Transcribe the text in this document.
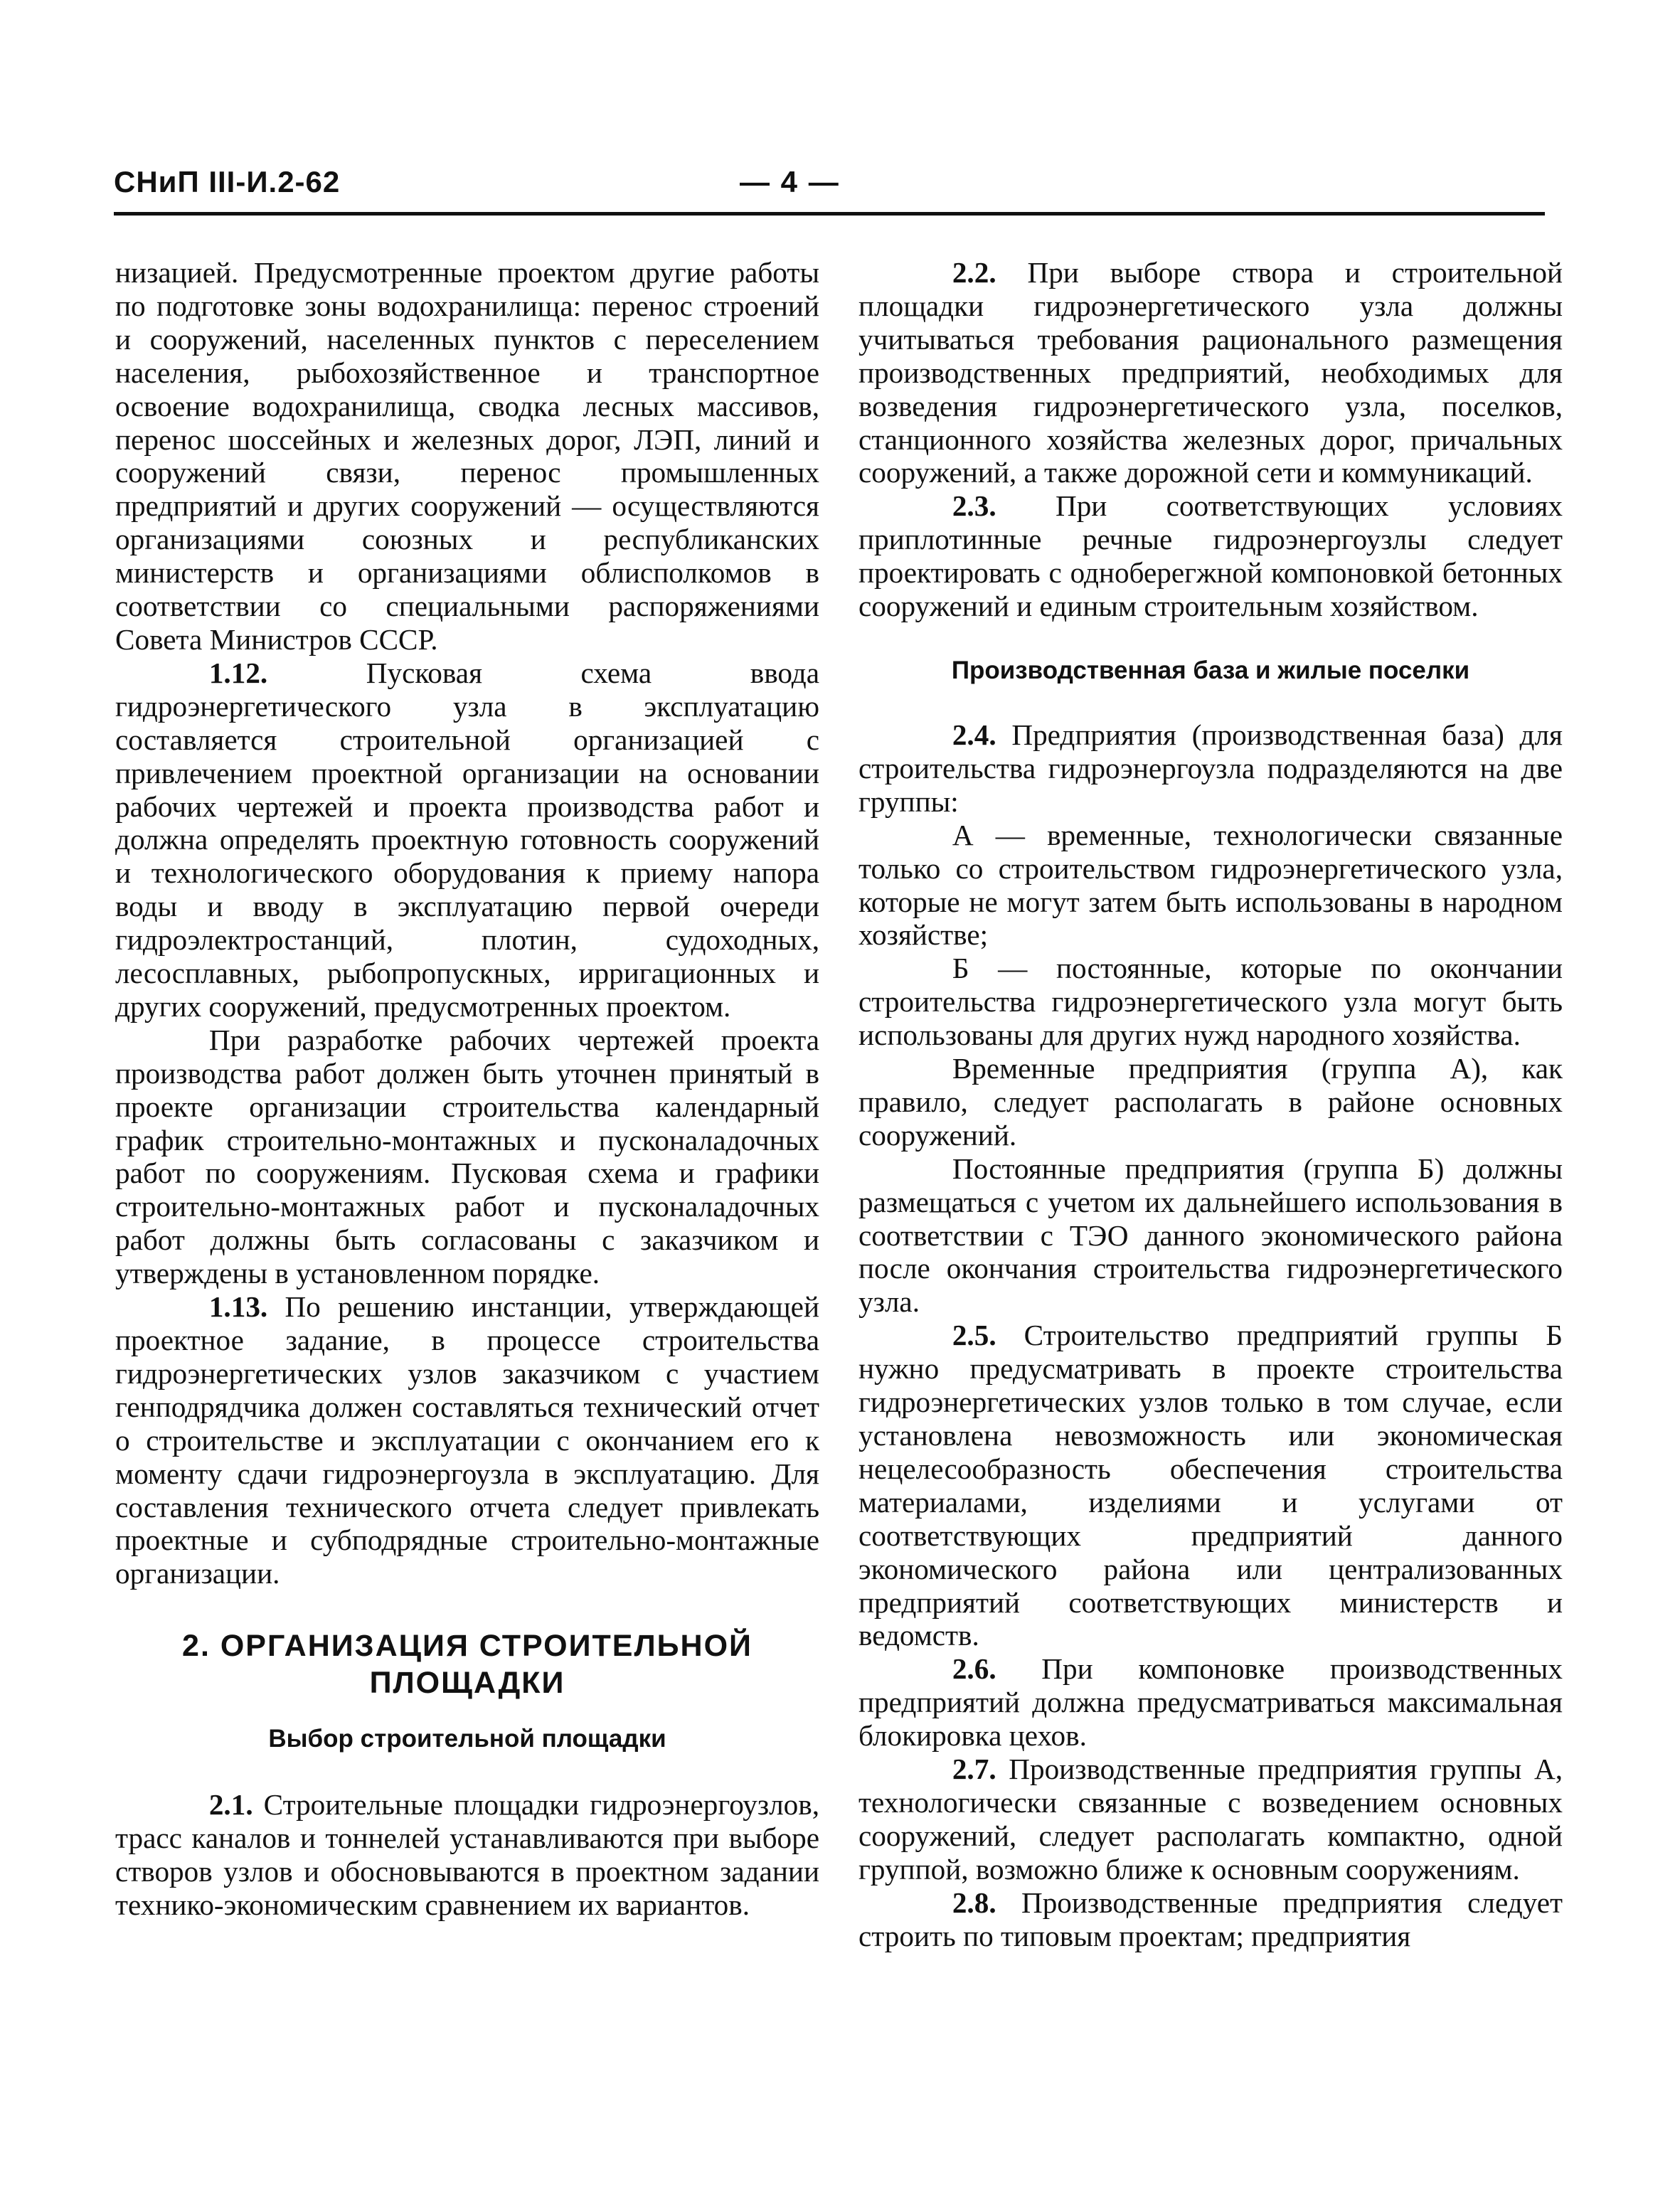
СНиП III-И.2-62	— 4 —

низацией. Предусмотренные проектом другие работы по подготовке зоны водохранилища: перенос строений и сооружений, населенных пунктов с переселением населения, рыбохозяйственное и транспортное освоение водохранилища, сводка лесных массивов, перенос шоссейных и железных дорог, ЛЭП, линий и сооружений связи, перенос промышленных предприятий и других сооружений — осуществляются организациями союзных и республиканских министерств и организациями облисполкомов в соответствии со специальными распоряжениями Совета Министров СССР.

1.12.	Пусковая схема ввода гидроэнергетического узла в эксплуатацию составляется строительной организацией с привлечением проектной организации на основании рабочих чертежей и проекта производства работ и должна определять проектную готовность сооружений и технологического оборудования к приему напора воды и вводу в эксплуатацию первой очереди гидроэлектростанций, плотин, судоходных, лесосплавных, рыбопропускных, ирригационных и других сооружений, предусмотренных проектом.

При разработке рабочих чертежей проекта производства работ должен быть уточнен принятый в проекте организации строительства календарный график строительно-монтажных и пусконаладочных работ по сооружениям. Пусковая схема и графики строительно-монтажных работ и пусконаладочных работ должны быть согласованы с заказчиком и утверждены в установленном порядке.

1.13. По решению инстанции, утверждающей проектное задание, в процессе строительства гидроэнергетических узлов заказчиком с участием генподрядчика должен составляться технический отчет о строительстве и эксплуатации с окончанием его к моменту сдачи гидроэнергоузла в эксплуатацию. Для составления технического отчета следует привлекать проектные и субподрядные строительно-монтажные организации.

2. ОРГАНИЗАЦИЯ СТРОИТЕЛЬНОЙ
ПЛОЩАДКИ
Выбор строительной площадки

2.1. Строительные площадки гидроэнергоузлов, трасс каналов и тоннелей устанавливаются при выборе створов узлов и обосновываются в проектном задании технико-экономическим сравнением их вариантов.

2.2. При выборе створа и строительной площадки гидроэнергетического узла должны учитываться требования рационального размещения производственных предприятий, необходимых для возведения гидроэнергетического узла, поселков, станционного хозяйства железных дорог, причальных сооружений, а также дорожной сети и коммуникаций.

2.3. При соответствующих условиях приплотинные речные гидроэнергоузлы следует проектировать с одноберегжной компоновкой бетонных сооружений и единым строительным хозяйством.

Производственная база и жилые поселки

2.4. Предприятия (производственная база) для строительства гидроэнергоузла подразделяются на две группы:

А — временные, технологически связанные только со строительством гидроэнергетического узла, которые не могут затем быть использованы в народном хозяйстве;

Б — постоянные, которые по окончании строительства гидроэнергетического узла могут быть использованы для других нужд народного хозяйства.

Временные предприятия (группа А), как правило, следует располагать в районе основных сооружений.

Постоянные предприятия (группа Б) должны размещаться с учетом их дальнейшего использования в соответствии с ТЭО данного экономического района после окончания строительства гидроэнергетического узла.

2.5. Строительство предприятий группы Б нужно предусматривать в проекте строительства гидроэнергетических узлов только в том случае, если установлена невозможность или экономическая нецелесообразность обеспечения строительства материалами, изделиями и услугами от соответствующих предприятий данного экономического района или централизованных предприятий соответствующих министерств и ведомств.

2.6. При компоновке производственных предприятий должна предусматриваться максимальная блокировка цехов.

2.7. Производственные предприятия группы А, технологически связанные с возведением основных сооружений, следует располагать компактно, одной группой, возможно ближе к основным сооружениям.

2.8. Производственные предприятия следует строить по типовым проектам; предприятия
